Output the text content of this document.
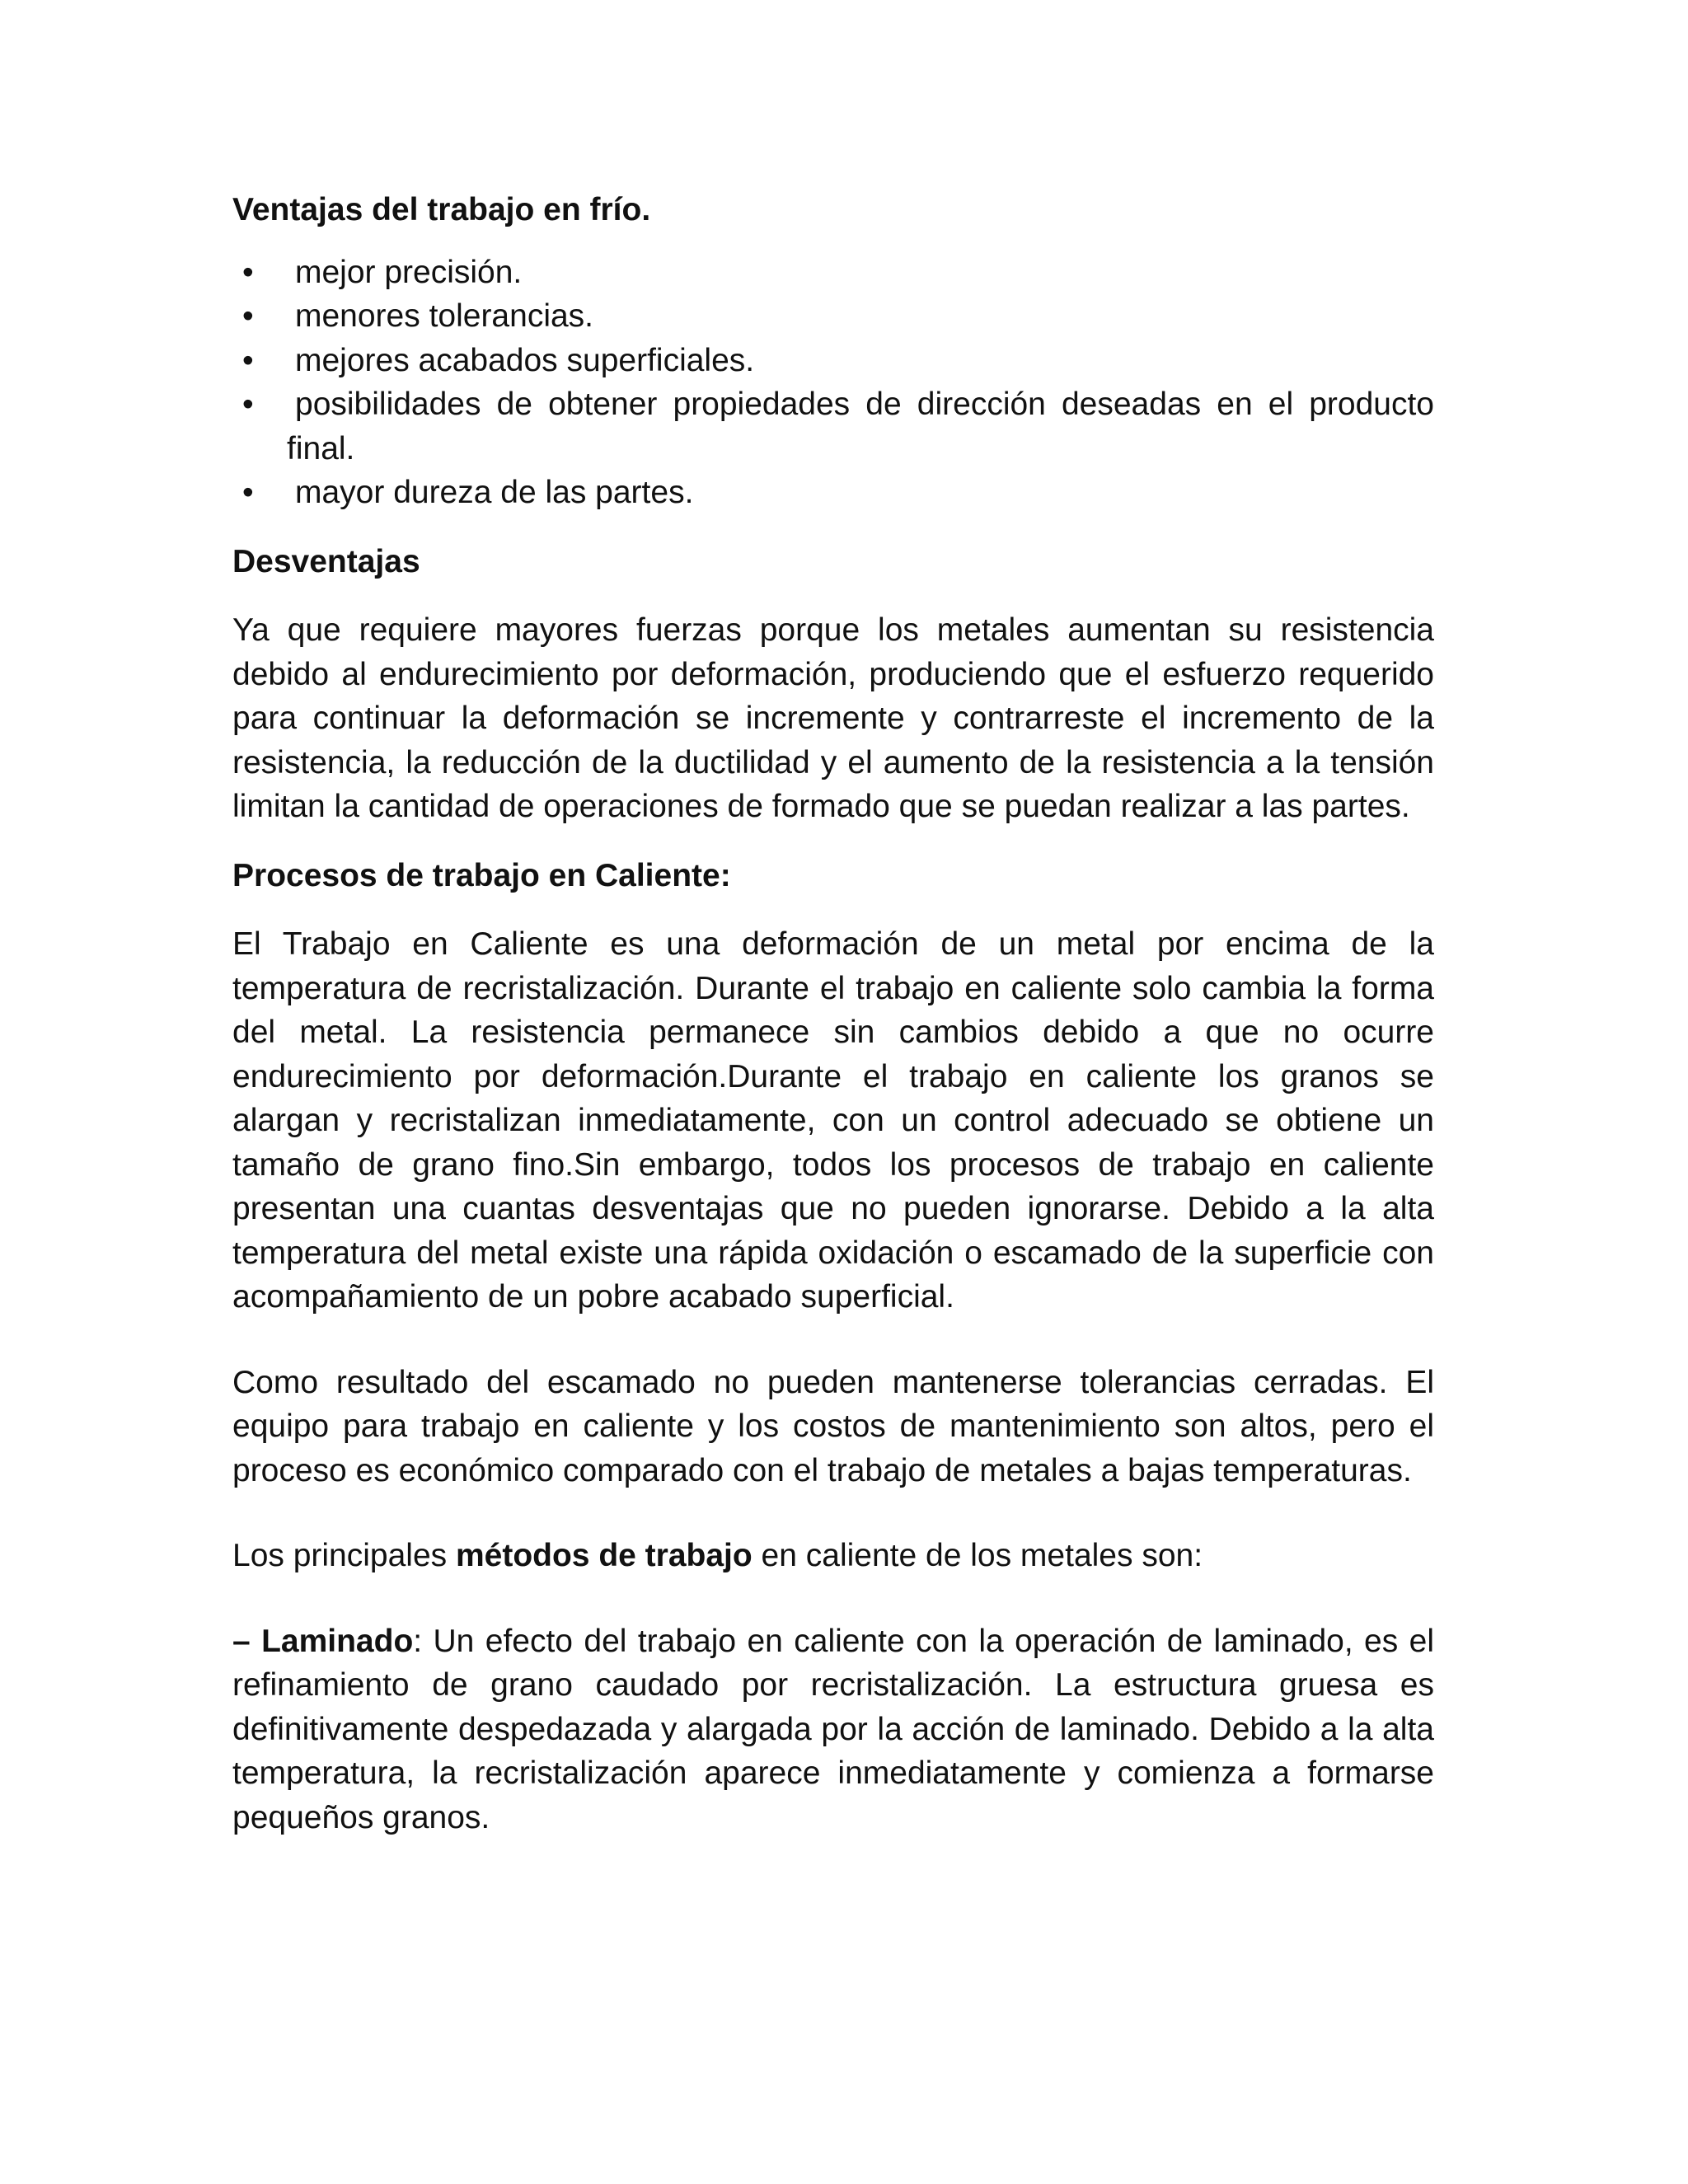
Ventajas del trabajo en frío.

• mejor precisión.
• menores tolerancias.
• mejores acabados superficiales.
• posibilidades de obtener propiedades de dirección deseadas en el producto final.
• mayor dureza de las partes.

Desventajas

Ya que requiere mayores fuerzas porque los metales aumentan su resistencia debido al endurecimiento por deformación, produciendo que el esfuerzo requerido para continuar la deformación se incremente y contrarreste el incremento de la resistencia, la reducción de la ductilidad y el aumento de la resistencia a la tensión limitan la cantidad de operaciones de formado que se puedan realizar a las partes.

Procesos de trabajo en Caliente:

El Trabajo en Caliente es una deformación de un metal por encima de la temperatura de recristalización. Durante el trabajo en caliente solo cambia la forma del metal. La resistencia permanece sin cambios debido a que no ocurre endurecimiento por deformación.Durante el trabajo en caliente los granos se alargan y recristalizan inmediatamente, con un control adecuado se obtiene un tamaño de grano fino.Sin embargo, todos los procesos de trabajo en caliente presentan una cuantas desventajas que no pueden ignorarse. Debido a la alta temperatura del metal existe una rápida oxidación o escamado de la superficie con acompañamiento de un pobre acabado superficial.

Como resultado del escamado no pueden mantenerse tolerancias cerradas. El equipo para trabajo en caliente y los costos de mantenimiento son altos, pero el proceso es económico comparado con el trabajo de metales a bajas temperaturas.

Los principales métodos de trabajo en caliente de los metales son:

– Laminado: Un efecto del trabajo en caliente con la operación de laminado, es el refinamiento de grano caudado por recristalización. La estructura gruesa es definitivamente despedazada y alargada por la acción de laminado. Debido a la alta temperatura, la recristalización aparece inmediatamente y comienza a formarse pequeños granos.
